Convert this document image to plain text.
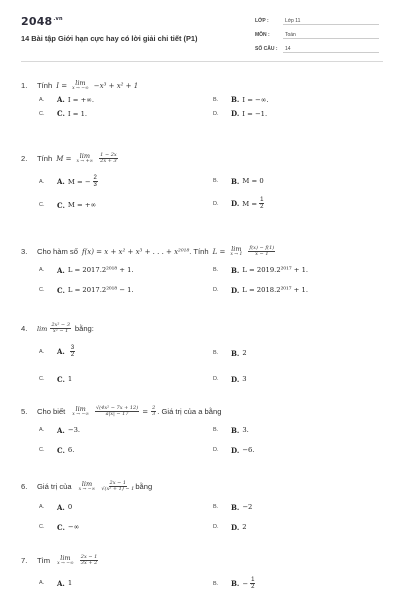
$2048^{.vn}$
14 Bài tập Giới hạn cực hay có lời giải chi tiết (P1)
LỚP :	Lớp 11
MÔN :	Toán
SỐ CÂU : 14
1.	Tính I = lim
x → −∞ −x³ + x² + 1
A.	A. I = +∞.	B.	B. I = −∞.
C.	C. I = 1.	D.	D. I = −1.
2.	Tính M = lim
x → +∞ $\frac{1 - 2x}{2x + 3}$
A.	A. M = − $\frac{2}{3}$	B.	B. M = 0
C.	C. M = +∞	D.	D. $M = \frac{1}{2}$
3.	Cho hàm số f(x) = x + x² + x³ + . . . + x²⁰¹⁸ . Tính L = lim
$x \to 1 \frac{f(x) - f(1)}{x - 1}$
A.	A. L = 2017.2²⁰¹⁸ + 1.	B.	B. L = 2019.2²⁰¹⁷ + 1.
C.	C. L = 2017.2²⁰¹⁸ − 1.	D.	D. L = 2018.2²⁰¹⁷ + 1.
4.	$\lim \frac{\text{2x² − 3}}{\text{x² − 1}}$ bằng:
A.	A. $\frac{3}{2}$	B.	B. 2
C.	C. 1	D.	D. 3
5.	Cho biết lim
x → −∞ $\frac{\text{√(4x² − 7x + 12)}}{a|x| - 17} = \frac{2}{3}$ . Giá trị của a bằng
A.	A. −3.	B.	B. 3.
C.	C. 6.	D.	D. −6.
6.	Giá trị của lim
x → −∞ $\frac{2x - 1}{\text{√(x² + 1) − 1}}$ bằng
A.	A. 0	B.	B. −2
C.	C. −∞	D.	D. 2
7.	Tìm lim
x → −∞ $\frac{2x - 1}{3x + 2}$
A.	A. 1	B.	B. − $\frac{1}{2}$
